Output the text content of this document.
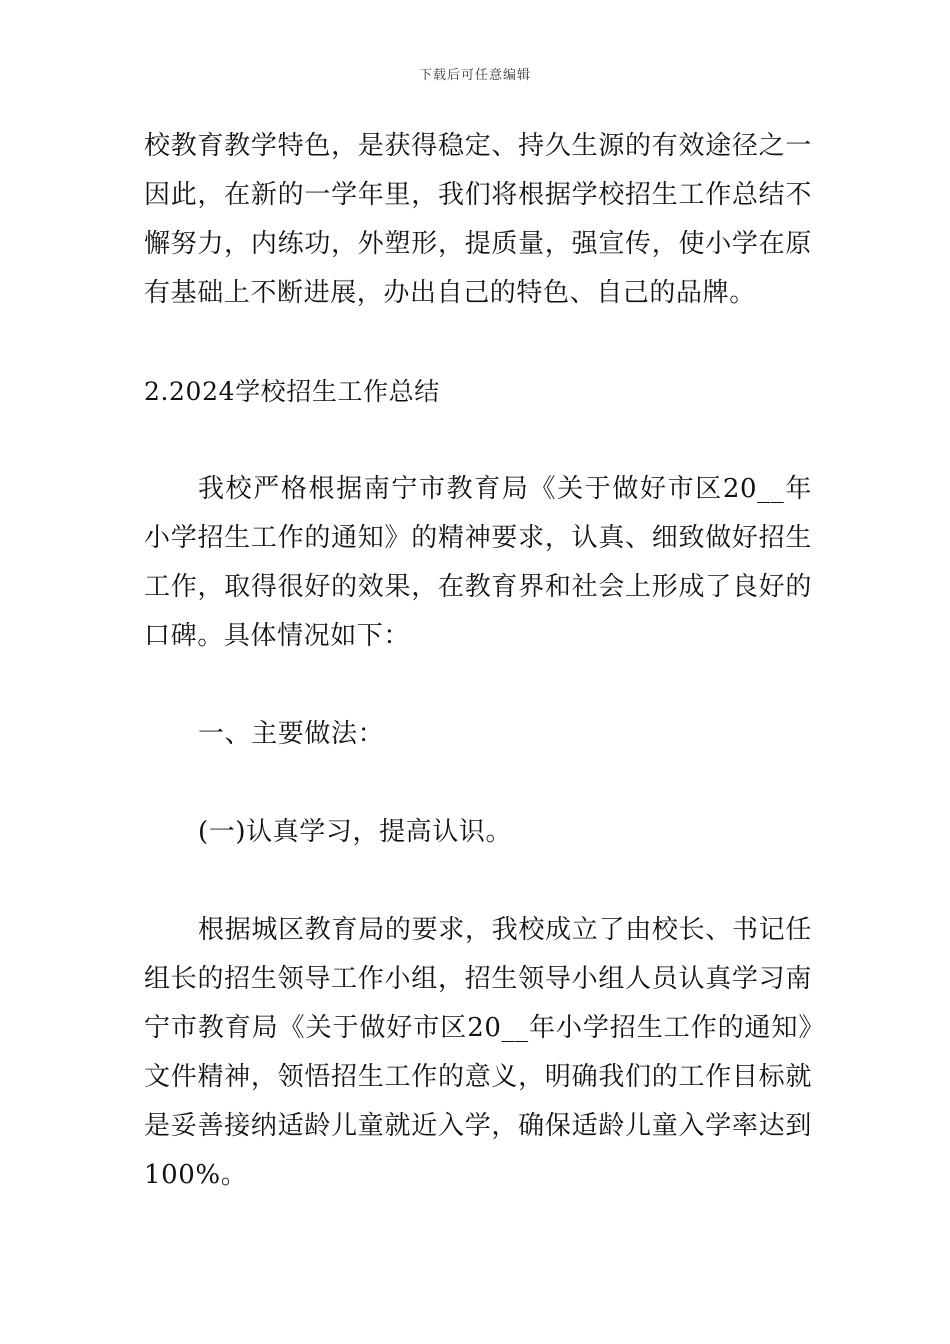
下载后可任意编辑

校教育教学特色，是获得稳定、持久生源的有效途径之一因此，在新的一学年里，我们将根据学校招生工作总结不懈努力，内练功，外塑形，提质量，强宣传，使小学在原有基础上不断进展，办出自己的特色、自己的品牌。

2.2024学校招生工作总结

我校严格根据南宁市教育局《关于做好市区20__年小学招生工作的通知》的精神要求，认真、细致做好招生工作，取得很好的效果，在教育界和社会上形成了良好的口碑。具体情况如下：

一、主要做法：

(一)认真学习，提高认识。

根据城区教育局的要求，我校成立了由校长、书记任组长的招生领导工作小组，招生领导小组人员认真学习南宁市教育局《关于做好市区20__年小学招生工作的通知》文件精神，领悟招生工作的意义，明确我们的工作目标就是妥善接纳适龄儿童就近入学，确保适龄儿童入学率达到100%。
